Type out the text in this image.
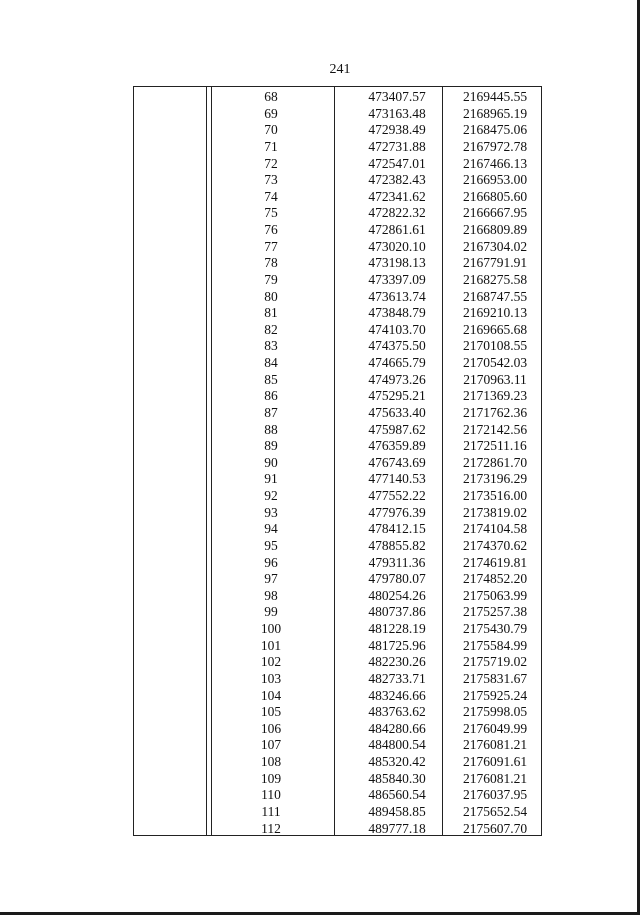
241
68	473407.57	2169445.55
69	473163.48	2168965.19
70	472938.49	2168475.06
71	472731.88	2167972.78
72	472547.01	2167466.13
73	472382.43	2166953.00
74	472341.62	2166805.60
75	472822.32	2166667.95
76	472861.61	2166809.89
77	473020.10	2167304.02
78	473198.13	2167791.91
79	473397.09	2168275.58
80	473613.74	2168747.55
81	473848.79	2169210.13
82	474103.70	2169665.68
83	474375.50	2170108.55
84	474665.79	2170542.03
85	474973.26	2170963.11
86	475295.21	2171369.23
87	475633.40	2171762.36
88	475987.62	2172142.56
89	476359.89	2172511.16
90	476743.69	2172861.70
91	477140.53	2173196.29
92	477552.22	2173516.00
93	477976.39	2173819.02
94	478412.15	2174104.58
95	478855.82	2174370.62
96	479311.36	2174619.81
97	479780.07	2174852.20
98	480254.26	2175063.99
99	480737.86	2175257.38
100	481228.19	2175430.79
101	481725.96	2175584.99
102	482230.26	2175719.02
103	482733.71	2175831.67
104	483246.66	2175925.24
105	483763.62	2175998.05
106	484280.66	2176049.99
107	484800.54	2176081.21
108	485320.42	2176091.61
109	485840.30	2176081.21
110	486560.54	2176037.95
111	489458.85	2175652.54
112	489777.18	2175607.70
